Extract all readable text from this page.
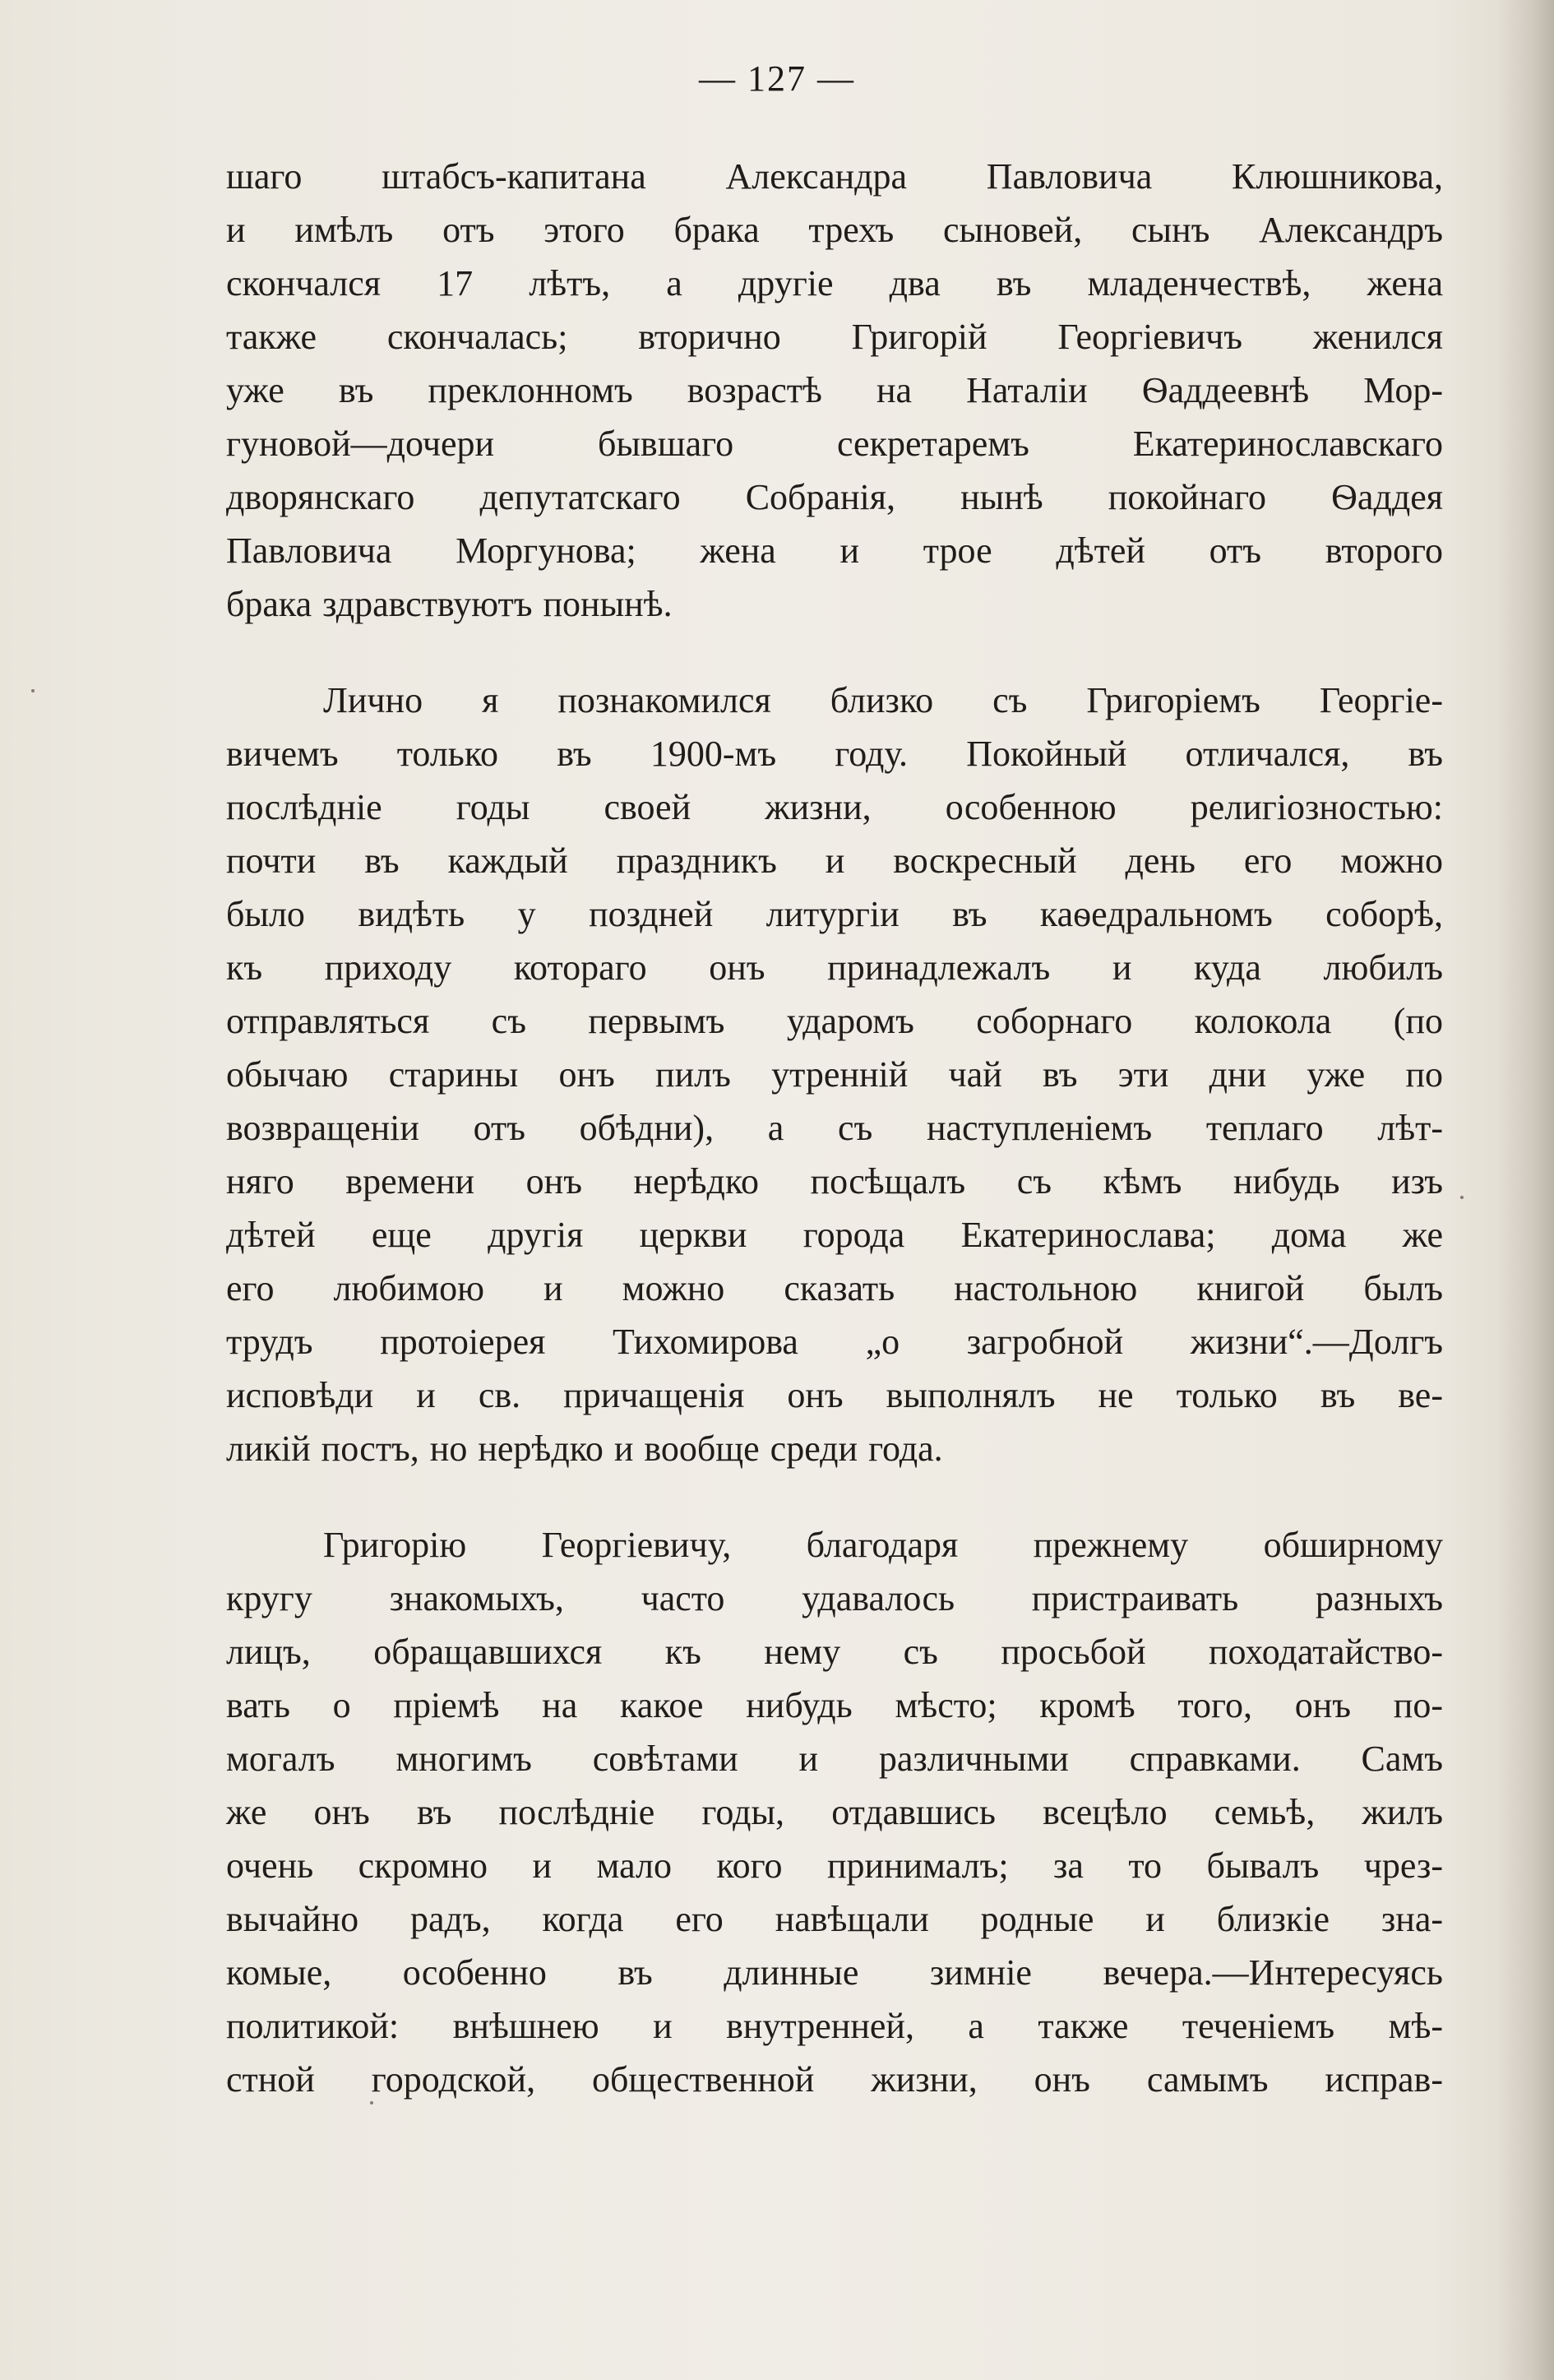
— 127 —
шаго штабсъ-капитана Александра Павловича Клюшникова,
и имѣлъ отъ этого брака трехъ сыновей, сынъ Александръ
скончался 17 лѣтъ, а другіе два въ младенчествѣ, жена
также скончалась; вторично Григорій Георгіевичъ женился
уже въ преклонномъ возрастѣ на Наталіи Ѳаддеевнѣ Мор-
гуновой—дочери бывшаго секретаремъ Екатеринославскаго
дворянскаго депутатскаго Собранія, нынѣ покойнаго Ѳаддея
Павловича Моргунова; жена и трое дѣтей отъ второго
брака здравствуютъ понынѣ.
Лично я познакомился близко съ Григоріемъ Георгіе-
вичемъ только въ 1900-мъ году. Покойный отличался, въ
послѣдніе годы своей жизни, особенною религіозностью:
почти въ каждый праздникъ и воскресный день его можно
было видѣть у поздней литургіи въ каѳедральномъ соборѣ,
къ приходу котораго онъ принадлежалъ и куда любилъ
отправляться съ первымъ ударомъ соборнаго колокола (по
обычаю старины онъ пилъ утренній чай въ эти дни уже по
возвращеніи отъ обѣдни), а съ наступленіемъ теплаго лѣт-
няго времени онъ нерѣдко посѣщалъ съ кѣмъ нибудь изъ
дѣтей еще другія церкви города Екатеринослава; дома же
его любимою и можно сказать настольною книгой былъ
трудъ протоіерея Тихомирова „о загробной жизни“.—Долгъ
исповѣди и св. причащенія онъ выполнялъ не только въ ве-
ликій постъ, но нерѣдко и вообще среди года.
Григорію Георгіевичу, благодаря прежнему обширному
кругу знакомыхъ, часто удавалось пристраивать разныхъ
лицъ, обращавшихся къ нему съ просьбой походатайство-
вать о пріемѣ на какое нибудь мѣсто; кромѣ того, онъ по-
могалъ многимъ совѣтами и различными справками. Самъ
же онъ въ послѣдніе годы, отдавшись всецѣло семьѣ, жилъ
очень скромно и мало кого принималъ; за то бывалъ чрез-
вычайно радъ, когда его навѣщали родные и близкіе зна-
комые, особенно въ длинные зимніе вечера.—Интересуясь
политикой: внѣшнею и внутренней, а также теченіемъ мѣ-
стной городской, общественной жизни, онъ самымъ исправ-
